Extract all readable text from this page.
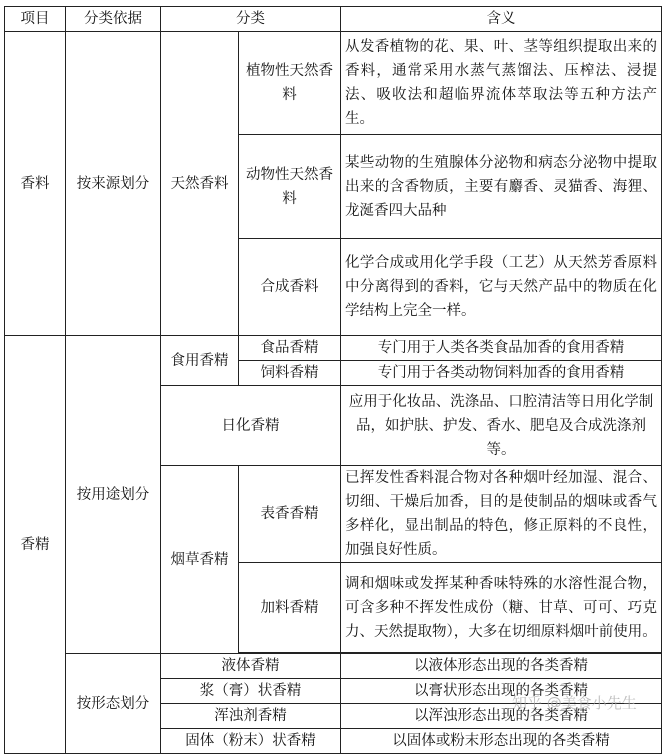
项目	分类依据	分类		含义
香料	按来源划分	天然香料	植物性天然香料	从发香植物的花、果、叶、茎等组织提取出来的香料，通常采用水蒸气蒸馏法、压榨法、浸提法、吸收法和超临界流体萃取法等五种方法产生。
			动物性天然香料	某些动物的生殖腺体分泌物和病态分泌物中提取出来的含香物质，主要有麝香、灵猫香、海狸、龙涎香四大品种
			合成香料	化学合成或用化学手段（工艺）从天然芳香原料中分离得到的香料，它与天然产品中的物质在化学结构上完全一样。
香精	按用途划分	食用香精	食品香精	专门用于人类各类食品加香的食用香精
			饲料香精	专门用于各类动物饲料加香的食用香精
		日化香精		应用于化妆品、洗涤品、口腔清洁等日用化学制品，如护肤、护发、香水、肥皂及合成洗涤剂等。
		烟草香精	表香香精	已挥发性香料混合物对各种烟叶经加湿、混合、切细、干燥后加香，目的是使制品的烟味或香气多样化，显出制品的特色，修正原料的不良性，加强良好性质。
			加料香精	调和烟味或发挥某种香味特殊的水溶性混合物，可含多种不挥发性成份（糖、甘草、可可、巧克力、天然提取物），大多在切细原料烟叶前使用。

	按形态划分	液体香精		以液体形态出现的各类香精
		浆（膏）状香精		以膏状形态出现的各类香精
		浑浊剂香精		以浑浊形态出现的各类香精
		固体（粉末）状香精		以固体或粉末形态出现的各类香精
知乎 @美食小先生
